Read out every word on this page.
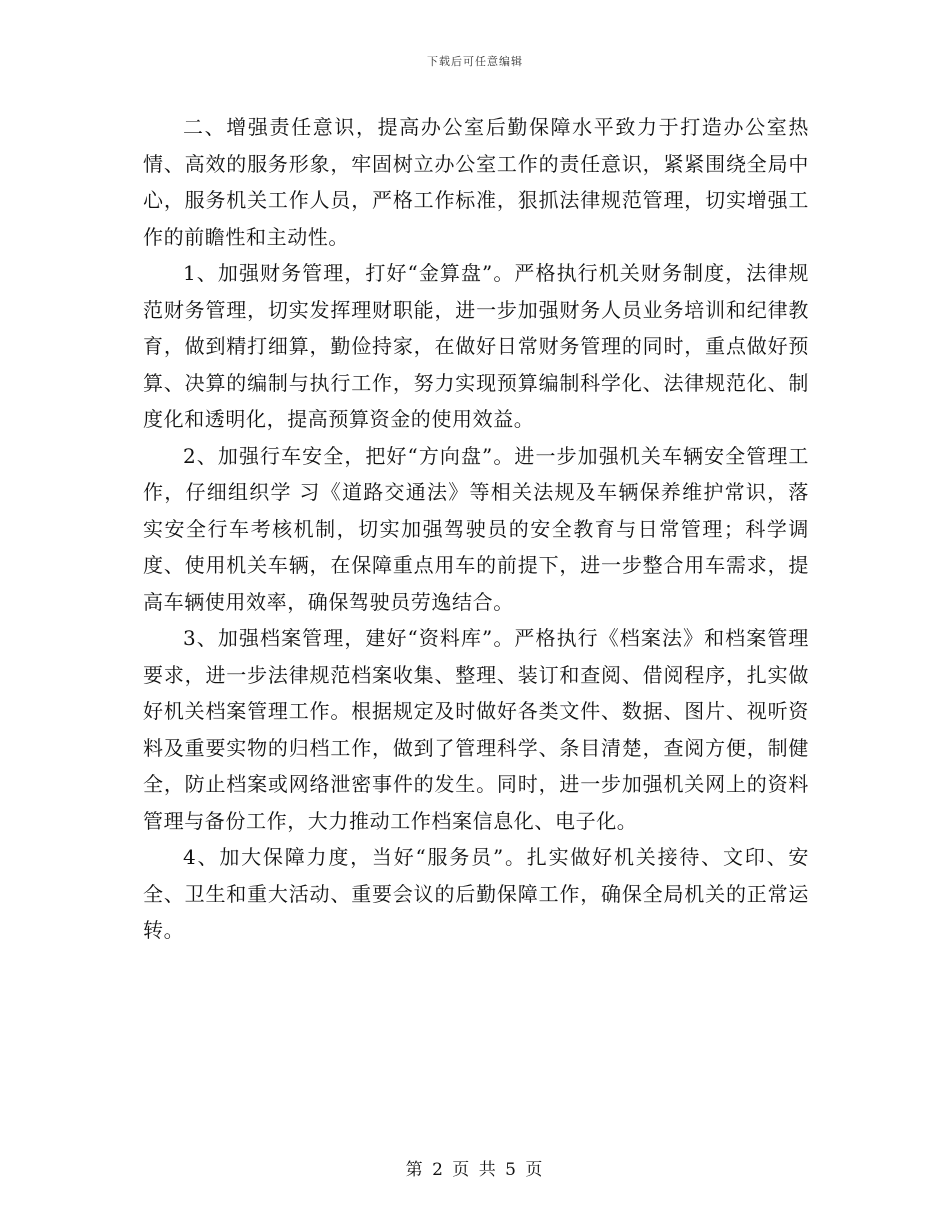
下载后可任意编辑

二、增强责任意识，提高办公室后勤保障水平致力于打造办公室热情、高效的服务形象，牢固树立办公室工作的责任意识，紧紧围绕全局中心，服务机关工作人员，严格工作标准，狠抓法律规范管理，切实增强工作的前瞻性和主动性。

1、加强财务管理，打好“金算盘”。严格执行机关财务制度，法律规范财务管理，切实发挥理财职能，进一步加强财务人员业务培训和纪律教育，做到精打细算，勤俭持家，在做好日常财务管理的同时，重点做好预算、决算的编制与执行工作，努力实现预算编制科学化、法律规范化、制度化和透明化，提高预算资金的使用效益。

2、加强行车安全，把好“方向盘”。进一步加强机关车辆安全管理工作，仔细组织学 习《道路交通法》等相关法规及车辆保养维护常识，落实安全行车考核机制，切实加强驾驶员的安全教育与日常管理；科学调度、使用机关车辆，在保障重点用车的前提下，进一步整合用车需求，提高车辆使用效率，确保驾驶员劳逸结合。

3、加强档案管理，建好“资料库”。严格执行《档案法》和档案管理要求，进一步法律规范档案收集、整理、装订和查阅、借阅程序，扎实做好机关档案管理工作。根据规定及时做好各类文件、数据、图片、视听资料及重要实物的归档工作，做到了管理科学、条目清楚，查阅方便，制健全，防止档案或网络泄密事件的发生。同时，进一步加强机关网上的资料管理与备份工作，大力推动工作档案信息化、电子化。

4、加大保障力度，当好“服务员”。扎实做好机关接待、文印、安全、卫生和重大活动、重要会议的后勤保障工作，确保全局机关的正常运转。

第 2 页 共 5 页
